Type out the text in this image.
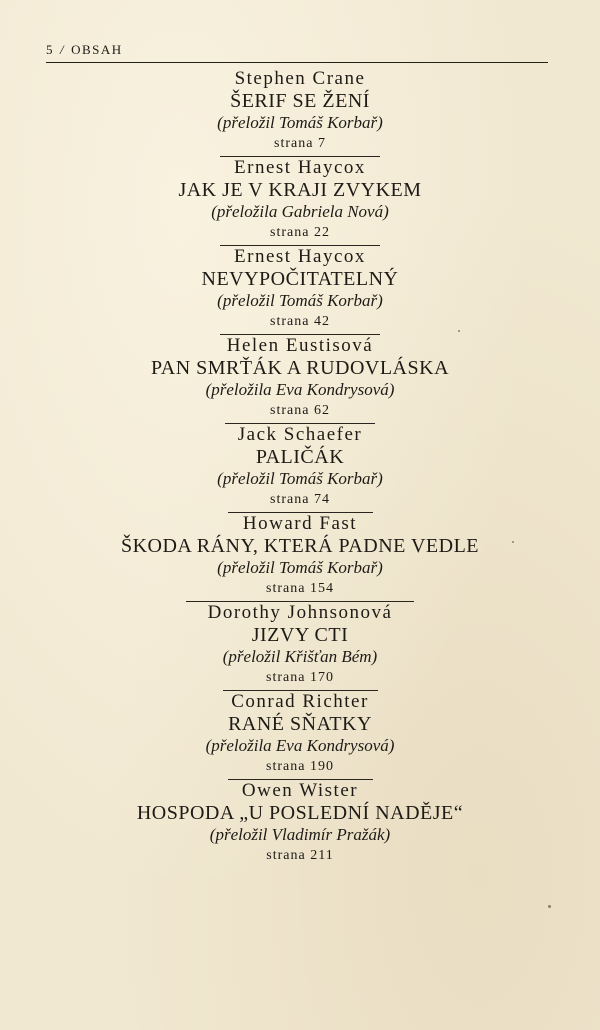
5 / OBSAH
Stephen Crane
ŠERIF SE ŽENÍ
(přeložil Tomáš Korbař)
strana 7
Ernest Haycox
JAK JE V KRAJI ZVYKEM
(přeložila Gabriela Nová)
strana 22
Ernest Haycox
NEVYPOČITATELNÝ
(přeložil Tomáš Korbař)
strana 42
Helen Eustisová
PAN SMRŤÁK A RUDOVLÁSKA
(přeložila Eva Kondrysová)
strana 62
Jack Schaefer
PALIČÁK
(přeložil Tomáš Korbař)
strana 74
Howard Fast
ŠKODA RÁNY, KTERÁ PADNE VEDLE
(přeložil Tomáš Korbař)
strana 154
Dorothy Johnsonová
JIZVY CTI
(přeložil Křišťan Bém)
strana 170
Conrad Richter
RANÉ SŇATKY
(přeložila Eva Kondrysová)
strana 190
Owen Wister
HOSPODA „U POSLEDNÍ NADĚJE“
(přeložil Vladimír Pražák)
strana 211
